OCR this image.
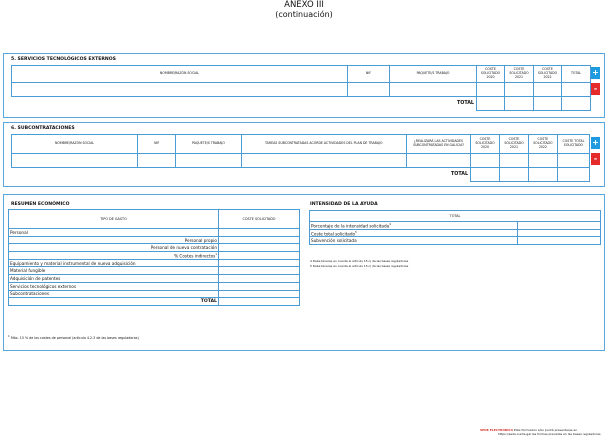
ANEXO III
(continuación)
5. SERVICIOS TECNOLÓGICOS EXTERNOS
NOMBRE/RAZÓN SOCIAL	NIF	PAQUETE/S TRABAJO	COSTE SOLICITADO 2020	COSTE SOLICITADO 2021	COSTE SOLICITADO 2022	TOTAL

TOTAL						
+
-
6. SUBCONTRATACIONES
NOMBRE/RAZÓN SOCIAL	NIF	PAQUETE/S TRABAJO	TAREAS SUBCONTRATADAS ACORDE ACTIVIDADES DEL PLAN DE TRABAJO	¿REALIZARÁ LAS ACTIVIDADES SUBCONTRATADAS EN GALICIA?	COSTE SOLICITADO 2020	COSTE SOLICITADO 2021	COSTE SOLICITADO 2022	COSTE TOTAL SOLICITADO

TOTAL								
+
-
RESUMEN ECONÓMICO
TIPO DE GASTO	COSTE SOLICITADO
Personal	
Personal propio	
Personal de nueva contratación	
% Costes indirectos$^1$	
Equipamiento y material instrumental de nueva adquisición	
Material fungible	
Adquisición de patentes	
Servicios tecnológicos externos	
Subcontrataciones	
TOTAL	
$^1$ Máx. 15 % de los costes de personal (artículo 4.2.3 de las bases reguladoras)
INTENSIDAD DE LA AYUDA
TOTAL	
Porcentaje de la intensidad solicitada$^4$	
Coste total solicitado$^5$	
Subvención solicitada	
4 Debe tenerse en cuenta el artículo 15.c) de las bases reguladoras
5 Debe tenerse en cuenta el artículo 15.c) de las bases reguladoras
SEDE ELECTRÓNICA Este formulario sólo podrá presentarse en
https://sede.xunta.gal las formas previstas en las bases reguladoras
